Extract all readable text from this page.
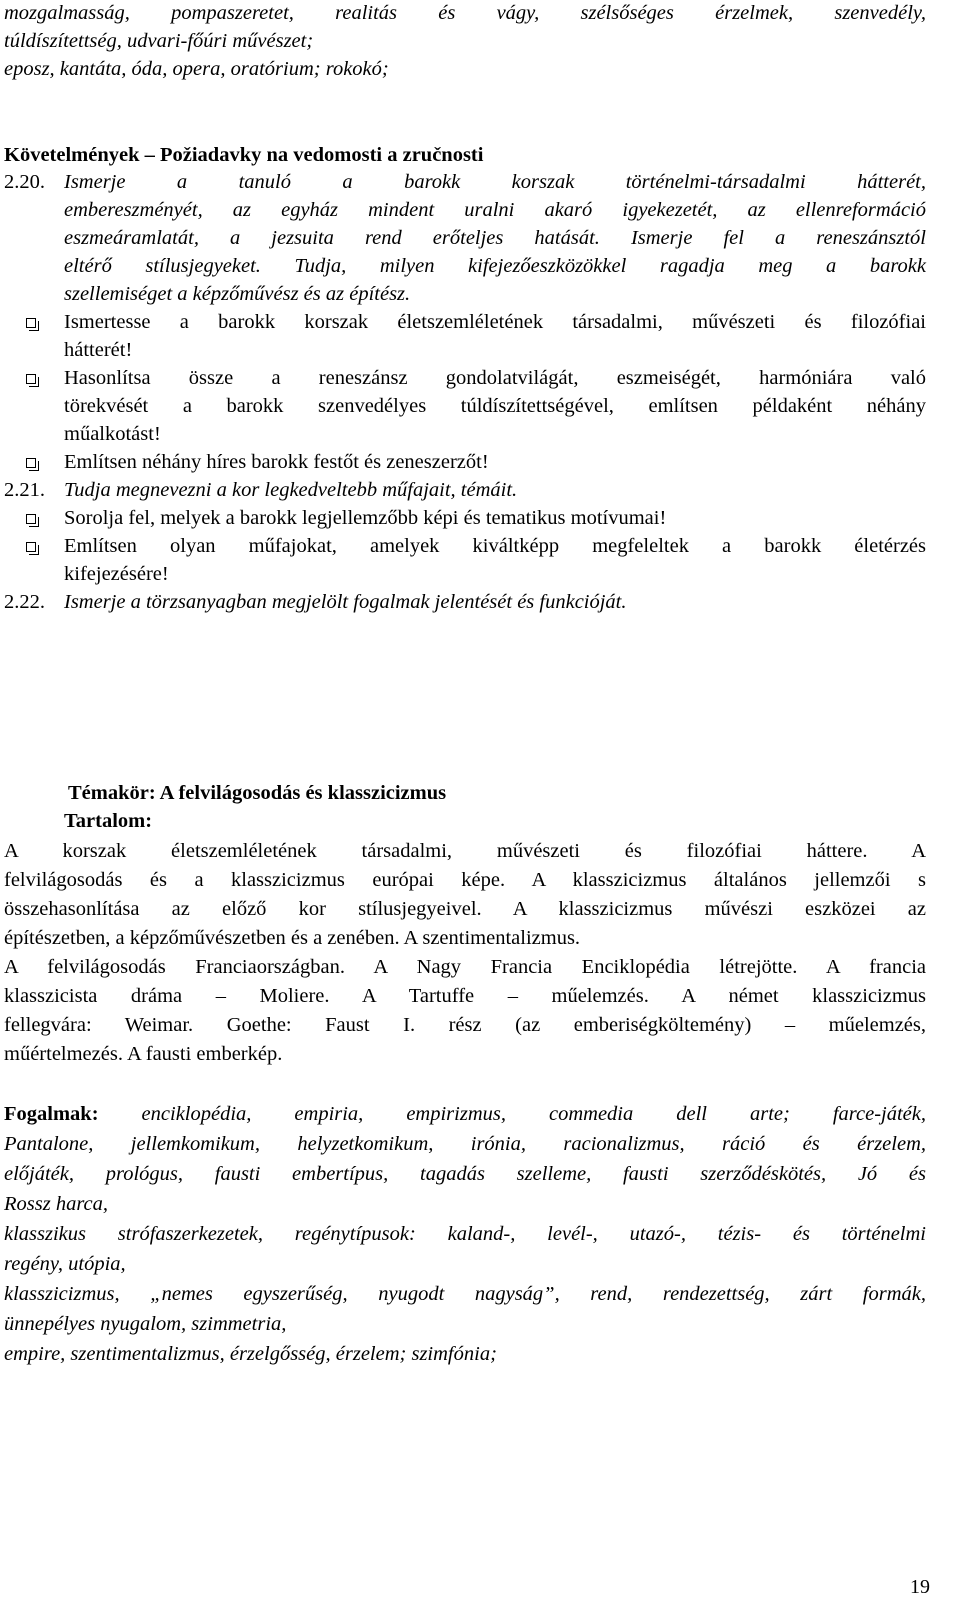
mozgalmasság, pompaszeretet, realitás és vágy, szélsőséges érzelmek, szenvedély,
túldíszítettség, udvari-főúri művészet;
eposz, kantáta, óda, opera, oratórium; rokokó;
Követelmények – Požiadavky na vedomosti a zručnosti
2.20. Ismerje a tanuló a barokk korszak történelmi-társadalmi hátterét,
embereszményét, az egyház mindent uralni akaró igyekezetét, az ellenreformáció
eszmeáramlatát, a jezsuita rend erőteljes hatását. Ismerje fel a reneszánsztól
eltérő stílusjegyeket. Tudja, milyen kifejezőeszközökkel ragadja meg a barokk
szellemiséget a képzőművész és az építész.
Ismertesse a barokk korszak életszemléletének társadalmi, művészeti és filozófiai
hátterét!
Hasonlítsa össze a reneszánsz gondolatvilágát, eszmeiségét, harmóniára való
törekvését a barokk szenvedélyes túldíszítettségével, említsen példaként néhány
műalkotást!
Említsen néhány híres barokk festőt és zeneszerzőt!
2.21. Tudja megnevezni a kor legkedveltebb műfajait, témáit.
Sorolja fel, melyek a barokk legjellemzőbb képi és tematikus motívumai!
Említsen olyan műfajokat, amelyek kiváltképp megfeleltek a barokk életérzés
kifejezésére!
2.22. Ismerje a törzsanyagban megjelölt fogalmak jelentését és funkcióját.
Témakör: A felvilágosodás és klasszicizmus
Tartalom:
A korszak életszemléletének társadalmi, művészeti és filozófiai háttere. A
felvilágosodás és a klasszicizmus európai képe. A klasszicizmus általános jellemzői s
összehasonlítása az előző kor stílusjegyeivel. A klasszicizmus művészi eszközei az
építészetben, a képzőművészetben és a zenében. A szentimentalizmus.
A felvilágosodás Franciaországban. A Nagy Francia Enciklopédia létrejötte. A francia
klasszicista dráma – Moliere. A Tartuffe – műelemzés. A német klasszicizmus
fellegvára: Weimar. Goethe: Faust I. rész (az emberiségköltemény) – műelemzés,
műértelmezés. A fausti emberkép.
Fogalmak: enciklopédia, empiria, empirizmus, commedia dell arte; farce-játék,
Pantalone, jellemkomikum, helyzetkomikum, irónia, racionalizmus, ráció és érzelem,
előjáték, prológus, fausti embertípus, tagadás szelleme, fausti szerződéskötés, Jó és
Rossz harca,
klasszikus strófaszerkezetek, regénytípusok: kaland-, levél-, utazó-, tézis- és történelmi
regény, utópia,
klasszicizmus, „nemes egyszerűség, nyugodt nagyság”, rend, rendezettség, zárt formák,
ünnepélyes nyugalom, szimmetria,
empire, szentimentalizmus, érzelgősség, érzelem; szimfónia;
19
